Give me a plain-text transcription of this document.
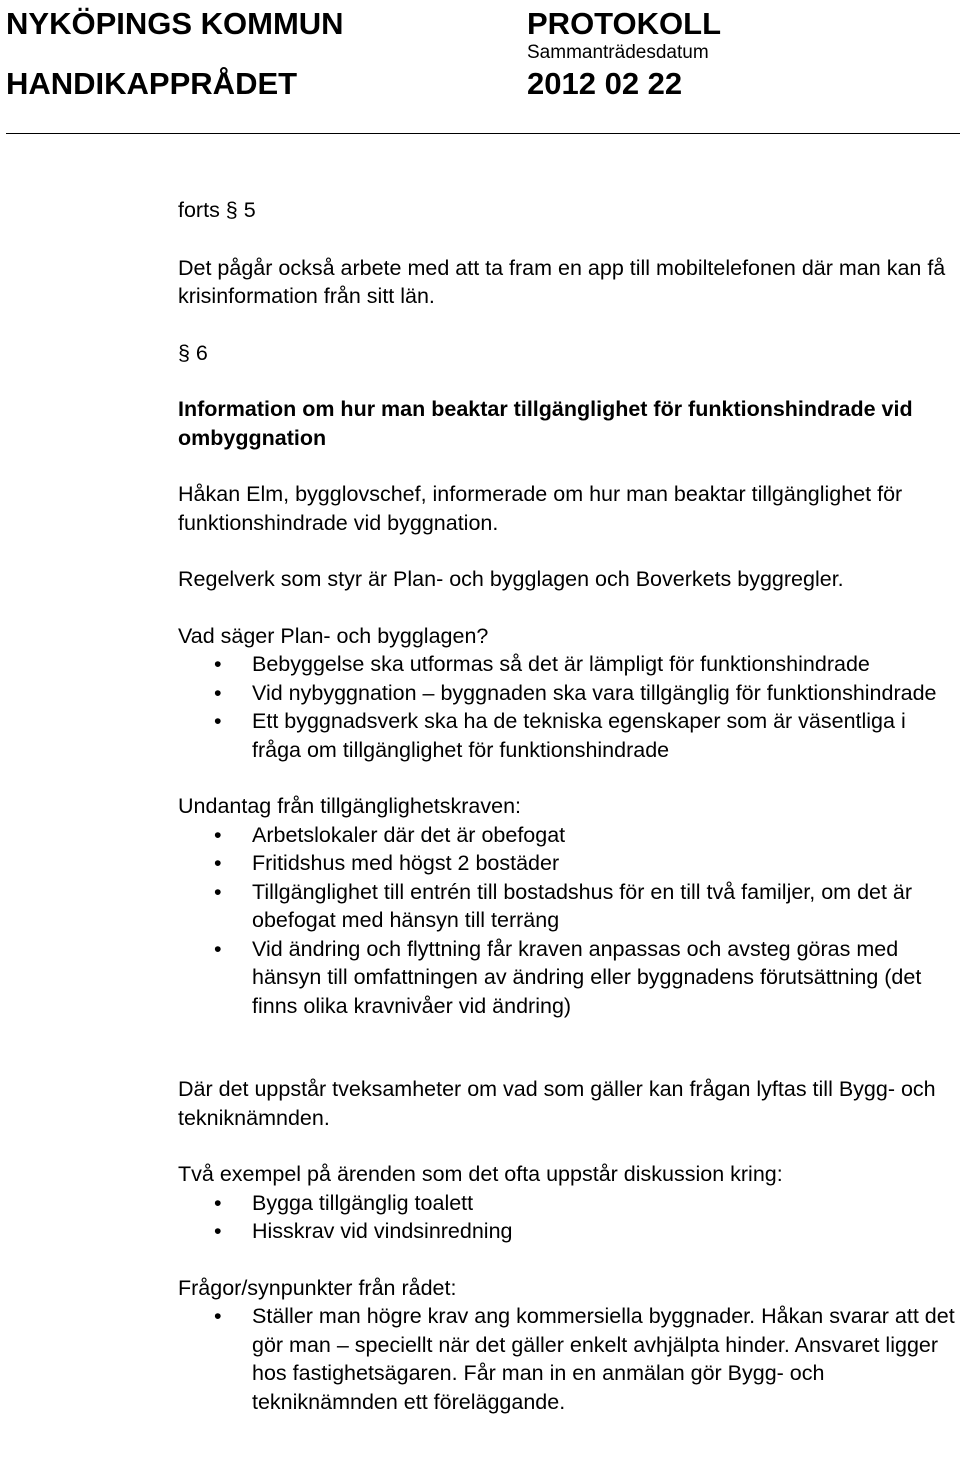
NYKÖPINGS KOMMUN
HANDIKAPPRÅDET
PROTOKOLL
Sammanträdesdatum
2012 02 22

forts § 5

Det pågår också arbete med att ta fram en app till mobiltelefonen där man kan få krisinformation från sitt län.

§ 6

Information om hur man beaktar tillgänglighet för funktionshindrade vid ombyggnation

Håkan Elm, bygglovschef, informerade om hur man beaktar tillgänglighet för funktionshindrade vid byggnation.

Regelverk som styr är Plan- och bygglagen och Boverkets byggregler.

Vad säger Plan- och bygglagen?

• Bebyggelse ska utformas så det är lämpligt för funktionshindrade
• Vid nybyggnation – byggnaden ska vara tillgänglig för funktionshindrade
• Ett byggnadsverk ska ha de tekniska egenskaper som är väsentliga i fråga om tillgänglighet för funktionshindrade

Undantag från tillgänglighetskraven:

• Arbetslokaler där det är obefogat
• Fritidshus med högst 2 bostäder
• Tillgänglighet till entrén till bostadshus för en till två familjer, om det är obefogat med hänsyn till terräng
• Vid ändring och flyttning får kraven anpassas och avsteg göras med hänsyn till omfattningen av ändring eller byggnadens förutsättning (det finns olika kravnivåer vid ändring)

Där det uppstår tveksamheter om vad som gäller kan frågan lyftas till Bygg- och tekniknämnden.

Två exempel på ärenden som det ofta uppstår diskussion kring:

• Bygga tillgänglig toalett
• Hisskrav vid vindsinredning

Frågor/synpunkter från rådet:

• Ställer man högre krav ang kommersiella byggnader. Håkan svarar att det gör man – speciellt när det gäller enkelt avhjälpta hinder. Ansvaret ligger hos fastighetsägaren. Får man in en anmälan gör Bygg- och tekniknämnden ett föreläggande.
